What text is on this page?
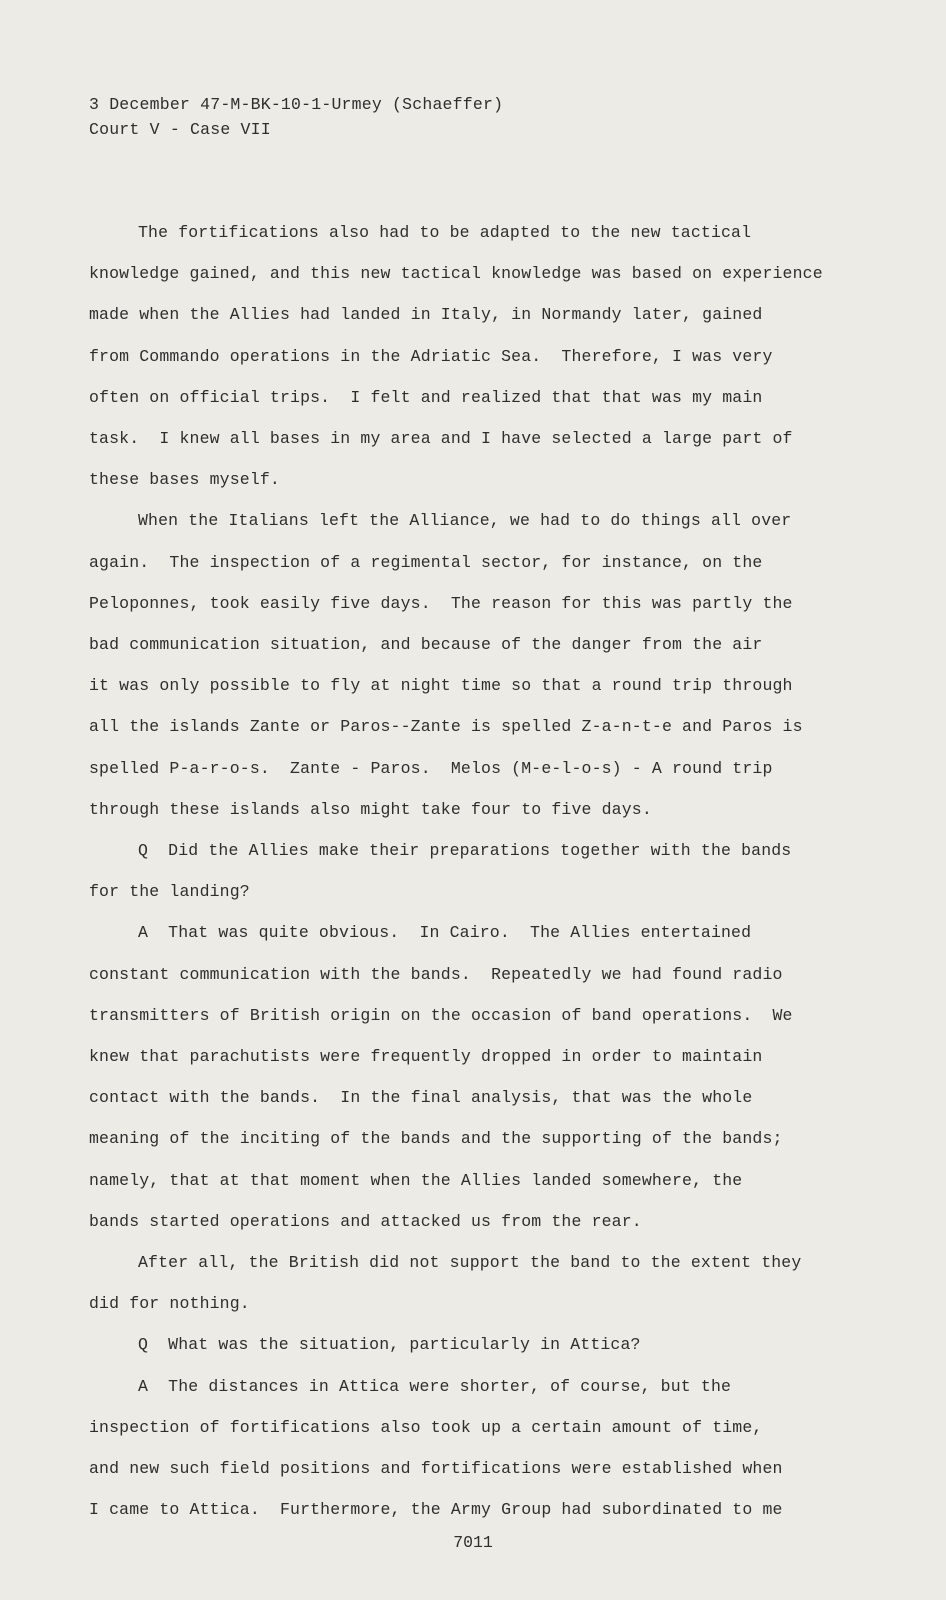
3 December 47-M-BK-10-1-Urmey (Schaeffer)
Court V - Case VII
The fortifications also had to be adapted to the new tactical
knowledge gained, and this new tactical knowledge was based on experience
made when the Allies had landed in Italy, in Normandy later, gained
from Commando operations in the Adriatic Sea.  Therefore, I was very
often on official trips.  I felt and realized that that was my main
task.  I knew all bases in my area and I have selected a large part of
these bases myself.
When the Italians left the Alliance, we had to do things all over
again.  The inspection of a regimental sector, for instance, on the
Peloponnes, took easily five days.  The reason for this was partly the
bad communication situation, and because of the danger from the air
it was only possible to fly at night time so that a round trip through
all the islands Zante or Paros--Zante is spelled Z-a-n-t-e and Paros is
spelled P-a-r-o-s.  Zante - Paros.  Melos (M-e-l-o-s) - A round trip
through these islands also might take four to five days.
Q  Did the Allies make their preparations together with the bands
for the landing?
A  That was quite obvious.  In Cairo.  The Allies entertained
constant communication with the bands.  Repeatedly we had found radio
transmitters of British origin on the occasion of band operations.  We
knew that parachutists were frequently dropped in order to maintain
contact with the bands.  In the final analysis, that was the whole
meaning of the inciting of the bands and the supporting of the bands;
namely, that at that moment when the Allies landed somewhere, the
bands started operations and attacked us from the rear.
After all, the British did not support the band to the extent they
did for nothing.
Q  What was the situation, particularly in Attica?
A  The distances in Attica were shorter, of course, but the
inspection of fortifications also took up a certain amount of time,
and new such field positions and fortifications were established when
I came to Attica.  Furthermore, the Army Group had subordinated to me
7011
